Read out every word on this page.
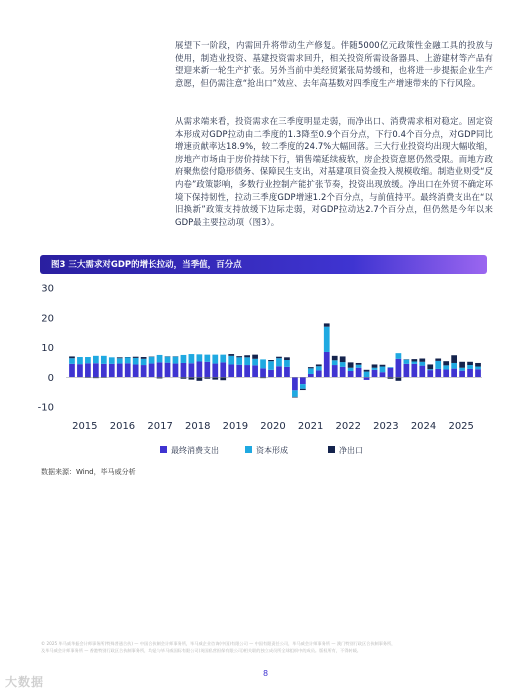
展望下一阶段，内需回升将带动生产修复。伴随5000亿元政策性金融工具的投放与使用，制造业投资、基建投资需求回升，相关投资所需设备器具、上游建材等产品有望迎来新一轮生产扩张。另外当前中美经贸紧张局势缓和，也将进一步提振企业生产意愿，但仍需注意“抢出口”效应、去年高基数对四季度生产增速带来的下行风险。

从需求端来看，投资需求在三季度明显走弱，而净出口、消费需求相对稳定。固定资本形成对GDP拉动由二季度的1.3降至0.9个百分点，下行0.4个百分点，对GDP同比增速贡献率达18.9%，较二季度的24.7%大幅回落。三大行业投资均出现大幅收缩，房地产市场由于房价持续下行，销售端延续疲软，房企投资意愿仍然受限。而地方政府聚焦偿付隐形债务、保障民生支出，对基建项目资金投入规模收缩。制造业则受“反内卷”政策影响，多数行业控制产能扩张节奏，投资出现放缓。净出口在外贸不确定环境下保持韧性，拉动三季度GDP增速1.2个百分点，与前值持平。最终消费支出在“以旧换新”政策支持放缓下边际走弱，对GDP拉动达2.7个百分点，但仍然是今年以来GDP最主要拉动项（图3）。

图3 三大需求对GDP的增长拉动，当季值，百分点
-10
0
10
20
30
2015 2016 2017 2018 2019 2020 2021 2022 2023 2024 2025
最终消费支出	资本形成	净出口
数据来源：Wind，毕马威分析
© 2025 毕马威华振会计师事务所(特殊普通合伙) — 中国合伙制会计师事务所，毕马威企业咨询(中国)有限公司 — 中国有限责任公司，毕马威会计师事务所 — 澳门特别行政区合伙制事务所，
及毕马威会计师事务所 — 香港特别行政区合伙制事务所，均是与毕马威国际有限公司(英国私营担保有限公司)相关联的独立成员所全球组织中的成员。版权所有，不得转载。
8
大数据
